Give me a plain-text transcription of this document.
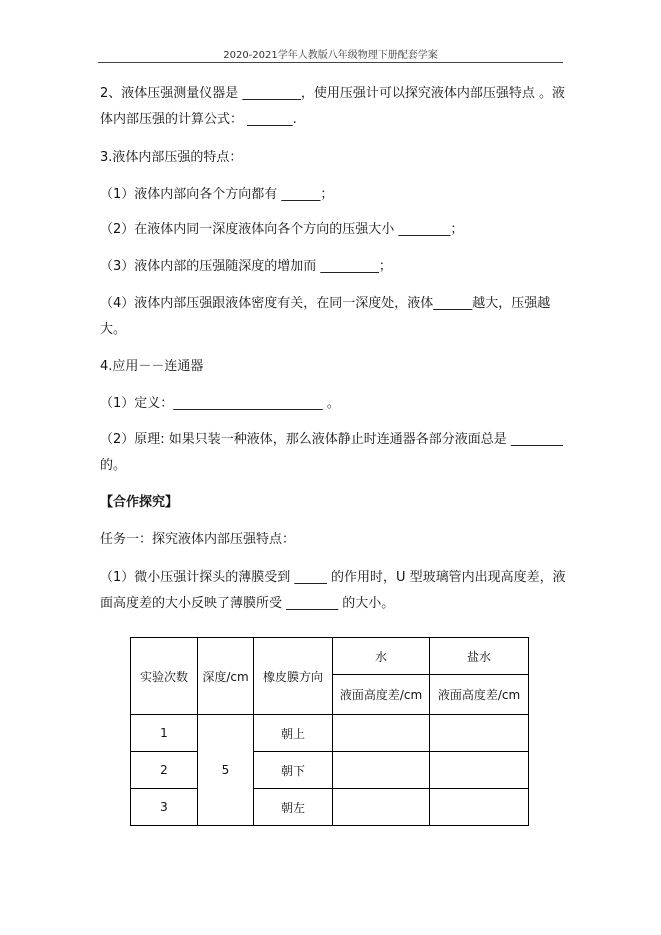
2020-2021学年人教版八年级物理下册配套学案
2、液体压强测量仪器是 _________，使用压强计可以探究液体内部压强特点 。液
体内部压强的计算公式： _______.
3.液体内部压强的特点：
（1）液体内部向各个方向都有 ______；
（2）在液体内同一深度液体向各个方向的压强大小 ________；
（3）液体内部的压强随深度的增加而 _________；
（4）液体内部压强跟液体密度有关，在同一深度处，液体______越大，压强越
大。
4.应用－－连通器
（1）定义：_______________________ 。
（2）原理: 如果只装一种液体，那么液体静止时连通器各部分液面总是 ________
的。
【合作探究】
任务一：探究液体内部压强特点：
（1）微小压强计探头的薄膜受到 _____ 的作用时，U 型玻璃管内出现高度差，液
面高度差的大小反映了薄膜所受 ________ 的大小。
实验次数	深度/cm	橡皮膜方向	水	盐水
			液面高度差/cm	液面高度差/cm
1	5	朝上		
2		朝下		
3		朝左		
